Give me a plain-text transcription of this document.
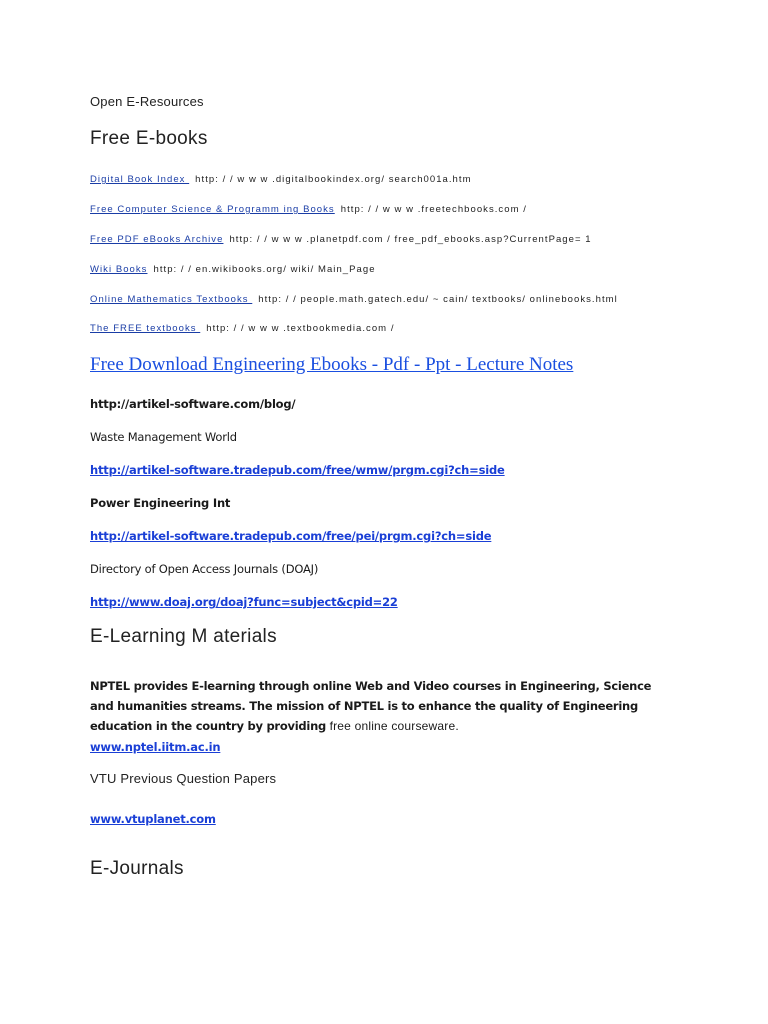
Open E-Resources

Free E-books

Digital Book Index http: / / w w w .digitalbookindex.org/ search001a.htm

Free Computer Science & Programm ing Books http: / / w w w .freetechbooks.com /

Free PDF eBooks Archive http: / / w w w .planetpdf.com / free_pdf_ebooks.asp?CurrentPage= 1

Wiki Books http: / / en.wikibooks.org/ wiki/ Main_Page

Online Mathematics Textbooks http: / / people.math.gatech.edu/ ~ cain/ textbooks/ onlinebooks.html

The FREE textbooks http: / / w w w .textbookmedia.com /

Free Download Engineering Ebooks - Pdf - Ppt - Lecture Notes

http://artikel-software.com/blog/

Waste Management World

http://artikel-software.tradepub.com/free/wmw/prgm.cgi?ch=side

Power Engineering Int

http://artikel-software.tradepub.com/free/pei/prgm.cgi?ch=side

Directory of Open Access Journals (DOAJ)

http://www.doaj.org/doaj?func=subject&cpid=22

E-Learning M aterials

NPTEL provides E-learning through online Web and Video courses in Engineering, Science and humanities streams. The mission of NPTEL is to enhance the quality of Engineering education in the country by providing free online courseware.

www.nptel.iitm.ac.in

VTU Previous Question Papers

www.vtuplanet.com

E-Journals
